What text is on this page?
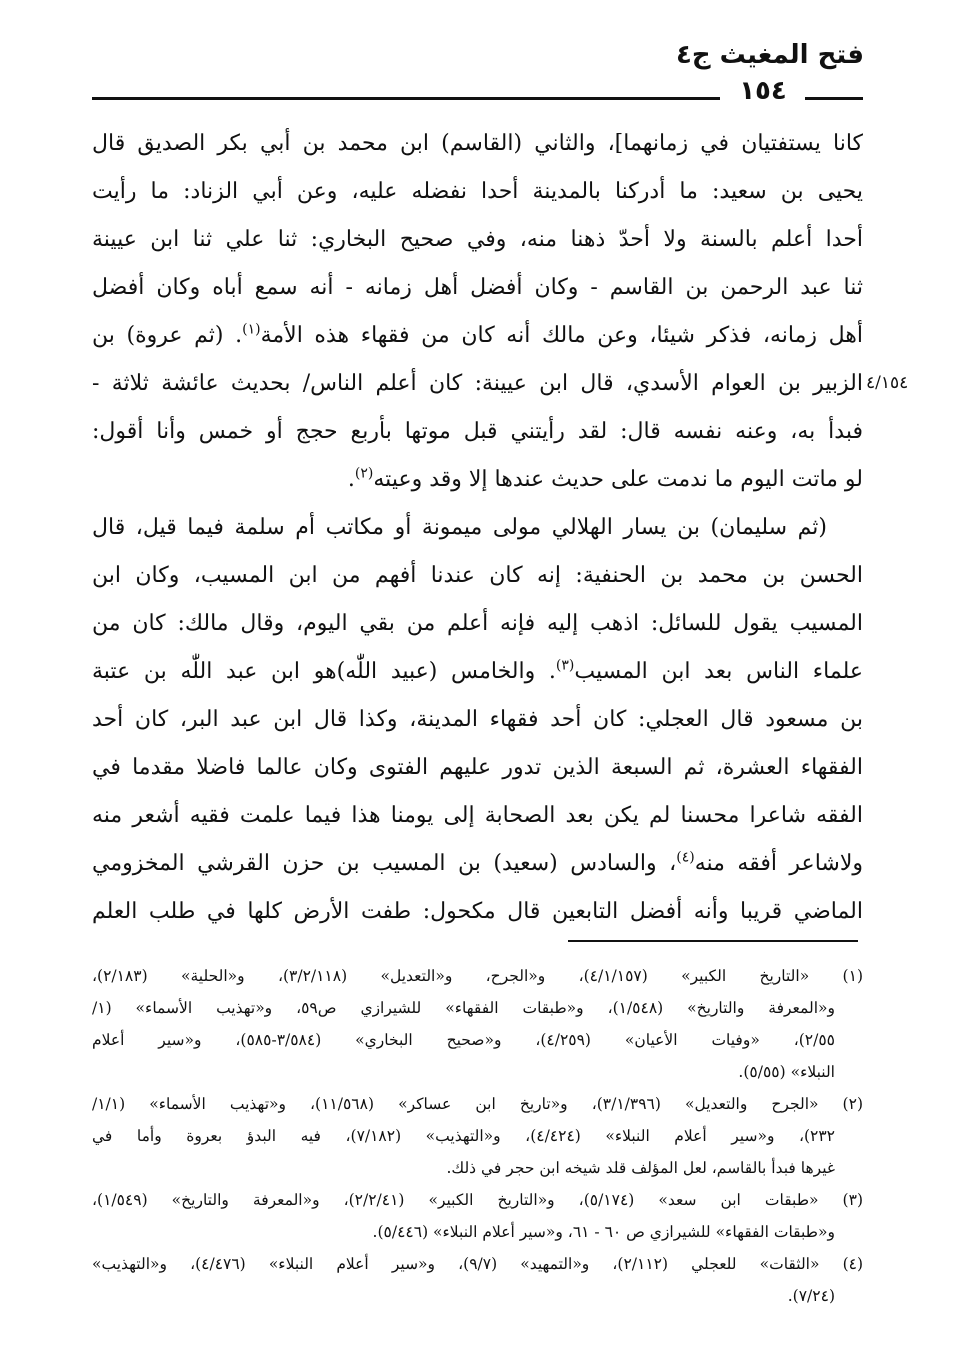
فتح المغيث ج٤
١٥٤
٤/١٥٤
كانا يستفتيان في زمانهما]، والثاني (القاسم) ابن محمد بن أبي بكر الصديق قال
يحيى بن سعيد: ما أدركنا بالمدينة أحدا نفضله عليه، وعن أبي الزناد: ما رأيت
أحدا أعلم بالسنة ولا أحدّ ذهنا منه، وفي صحيح البخاري: ثنا علي ثنا ابن عيينة
ثنا عبد الرحمن بن القاسم - وكان أفضل أهل زمانه - أنه سمع أباه وكان أفضل
أهل زمانه، فذكر شيئا، وعن مالك أنه كان من فقهاء هذه الأمة$^{(١)}$. (ثم عروة) بن
الزبير بن العوام الأسدي، قال ابن عيينة: كان أعلم الناس/ بحديث عائشة ثلاثة -
فبدأ به، وعنه نفسه قال: لقد رأيتني قبل موتها بأربع حجج أو خمس وأنا أقول:
لو ماتت اليوم ما ندمت على حديث عندها إلا وقد وعيته$^{(٢)}$.
(ثم سليمان) بن يسار الهلالي مولى ميمونة أو مكاتب أم سلمة فيما قيل، قال
الحسن بن محمد بن الحنفية: إنه كان عندنا أفهم من ابن المسيب، وكان ابن
المسيب يقول للسائل: اذهب إليه فإنه أعلم من بقي اليوم، وقال مالك: كان من
علماء الناس بعد ابن المسيب$^{(٣)}$. والخامس (عبيد اللّٰه)هو ابن عبد اللّٰه بن عتبة
بن مسعود قال العجلي: كان أحد فقهاء المدينة، وكذا قال ابن عبد البر، كان أحد
الفقهاء العشرة، ثم السبعة الذين تدور عليهم الفتوى وكان عالما فاضلا مقدما في
الفقه شاعرا محسنا لم يكن بعد الصحابة إلى يومنا هذا فيما علمت فقيه أشعر منه
ولاشاعر أفقه منه$^{(٤)}$، والسادس (سعيد) بن المسيب بن حزن القرشي المخزومي
الماضي قريبا وأنه أفضل التابعين قال مكحول: طفت الأرض كلها في طلب العلم
(١) «التاريخ الكبير» (٤/١/١٥٧)، و«الجرح، و«التعديل» (٣/٢/١١٨)، و«الحلية» (٢/١٨٣)،
و«المعرفة والتاريخ» (١/٥٤٨)، و«طبقات الفقهاء» للشيرازي ص٥٩، و«تهذيب الأسماء» (١/
٢/٥٥)، «وفيات الأعيان» (٤/٢٥٩)، و«صحيح البخاري» (٣/٥٨٤-٥٨٥)، و«سير أعلام
النبلاء» (٥/٥٥).
(٢) «الجرح والتعديل» (٣/١/٣٩٦)، و«تاريخ ابن عساكر» (١١/٥٦٨)، و«تهذيب الأسماء» (١/١/
٢٣٢)، و«سير أعلام النبلاء» (٤/٤٢٤)، و«التهذيب» (٧/١٨٢)، فيه البدؤ بعروة وأما في
غيرها فبدأ بالقاسم، لعل المؤلف قلد شيخه ابن حجر في ذلك.
(٣) «طبقات ابن سعد» (٥/١٧٤)، و«التاريخ الكبير» (٢/٢/٤١)، و«المعرفة والتاريخ» (١/٥٤٩)،
و«طبقات الفقهاء» للشيرازي ص ٦٠ - ٦١، و«سير أعلام النبلاء» (٥/٤٤٦).
(٤) «الثقات» للعجلي (٢/١١٢)، و«التمهيد» (٩/٧)، و«سير أعلام النبلاء» (٤/٤٧٦)، و«التهذيب»
(٧/٢٤).
